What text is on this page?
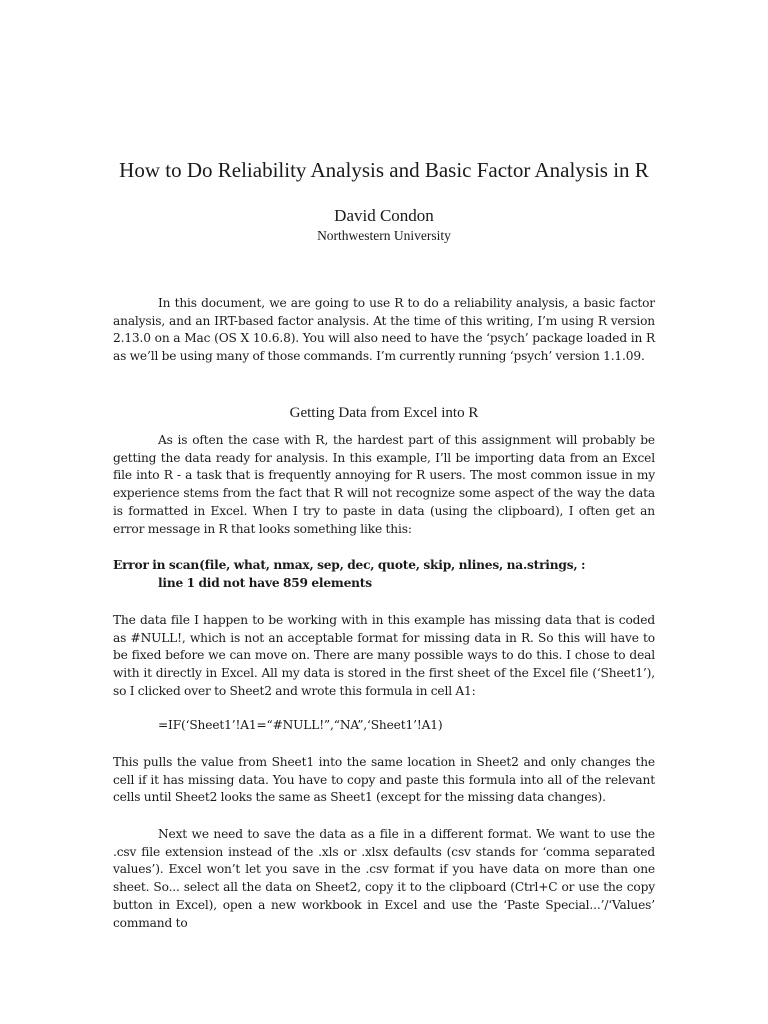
How to Do Reliability Analysis and Basic Factor Analysis in R
David Condon
Northwestern University

In this document, we are going to use R to do a reliability analysis, a basic factor analysis, and an IRT-based factor analysis. At the time of this writing, I’m using R version 2.13.0 on a Mac (OS X 10.6.8). You will also need to have the ‘psych’ package loaded in R as we’ll be using many of those commands. I’m currently running ‘psych’ version 1.1.09.

Getting Data from Excel into R

As is often the case with R, the hardest part of this assignment will probably be getting the data ready for analysis. In this example, I’ll be importing data from an Excel file into R - a task that is frequently annoying for R users. The most common issue in my experience stems from the fact that R will not recognize some aspect of the way the data is formatted in Excel. When I try to paste in data (using the clipboard), I often get an error message in R that looks something like this:

Error in scan(file, what, nmax, sep, dec, quote, skip, nlines, na.strings, :
line 1 did not have 859 elements

The data file I happen to be working with in this example has missing data that is coded as #NULL!, which is not an acceptable format for missing data in R. So this will have to be fixed before we can move on. There are many possible ways to do this. I chose to deal with it directly in Excel. All my data is stored in the first sheet of the Excel file (‘Sheet1’), so I clicked over to Sheet2 and wrote this formula in cell A1:

=IF(‘Sheet1’!A1=“#NULL!”,“NA”,‘Sheet1’!A1)

This pulls the value from Sheet1 into the same location in Sheet2 and only changes the cell if it has missing data. You have to copy and paste this formula into all of the relevant cells until Sheet2 looks the same as Sheet1 (except for the missing data changes).

Next we need to save the data as a file in a different format. We want to use the .csv file extension instead of the .xls or .xlsx defaults (csv stands for ‘comma separated values’). Excel won’t let you save in the .csv format if you have data on more than one sheet. So... select all the data on Sheet2, copy it to the clipboard (Ctrl+C or use the copy button in Excel), open a new workbook in Excel and use the ‘Paste Special...’/‘Values’ command to
